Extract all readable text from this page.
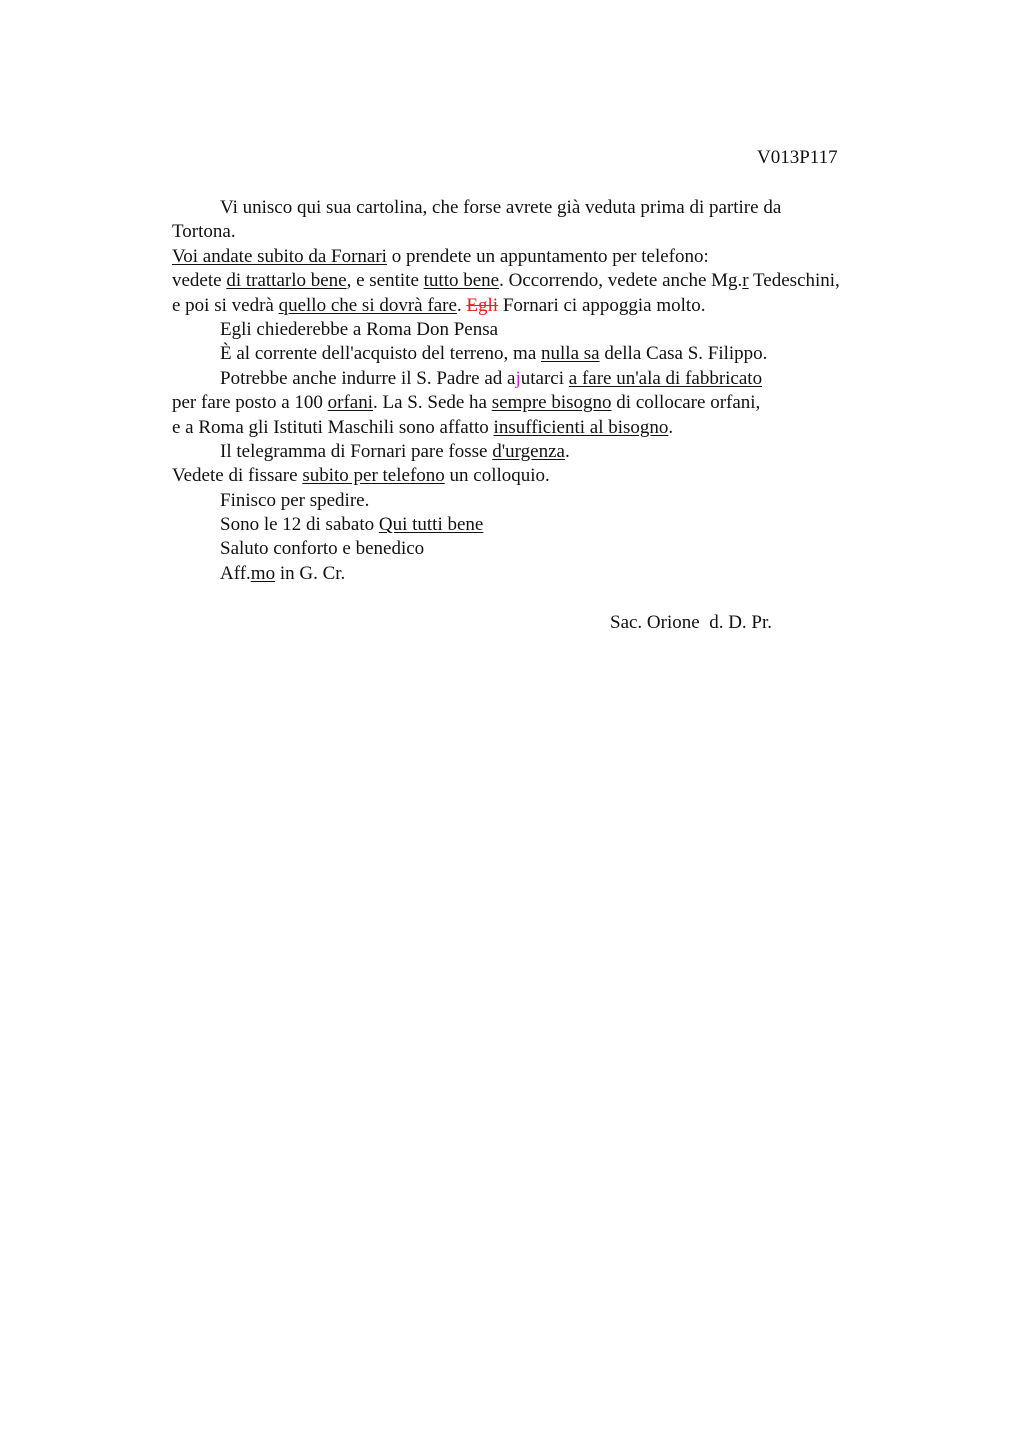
V013P117
Vi unisco qui sua cartolina, che forse avrete già veduta prima di partire da
Tortona.
Voi andate subito da Fornari o prendete un appuntamento per telefono:
vedete di trattarlo bene, e sentite tutto bene. Occorrendo, vedete anche Mg.r Tedeschini,
e poi si vedrà quello che si dovrà fare. Egli Fornari ci appoggia molto.
Egli chiederebbe a Roma Don Pensa
È al corrente dell'acquisto del terreno, ma nulla sa della Casa S. Filippo.
Potrebbe anche indurre il S. Padre ad ajutarci a fare un'ala di fabbricato
per fare posto a 100 orfani. La S. Sede ha sempre bisogno di collocare orfani,
e a Roma gli Istituti Maschili sono affatto insufficienti al bisogno.
Il telegramma di Fornari pare fosse d'urgenza.
Vedete di fissare subito per telefono un colloquio.
Finisco per spedire.
Sono le 12 di sabato Qui tutti bene
Saluto conforto e benedico
Aff.mo in G. Cr.
Sac. Orione  d. D. Pr.
